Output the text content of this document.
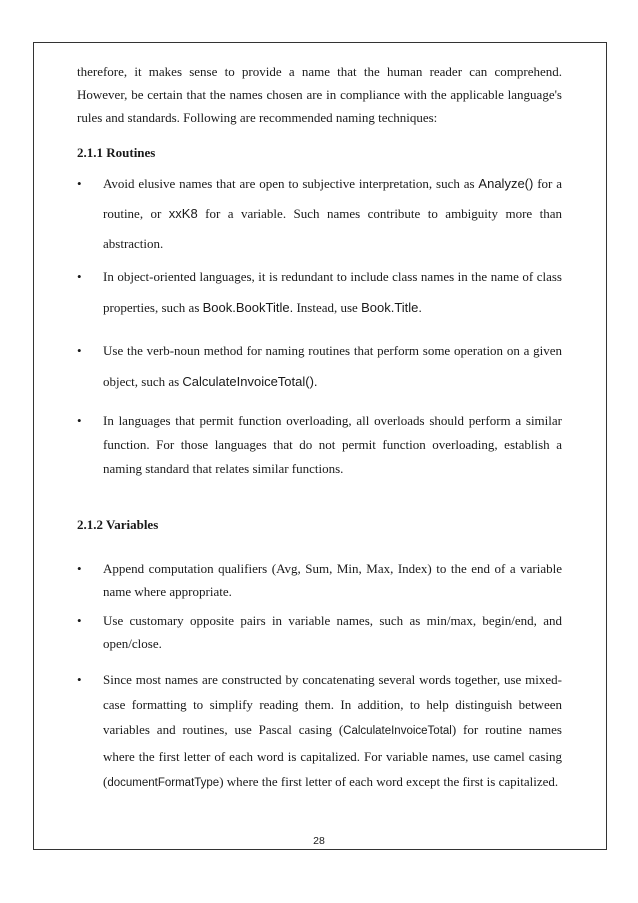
therefore, it makes sense to provide a name that the human reader can comprehend. However, be certain that the names chosen are in compliance with the applicable language's rules and standards. Following are recommended naming techniques:

2.1.1 Routines

• Avoid elusive names that are open to subjective interpretation, such as Analyze() for a routine, or xxK8 for a variable. Such names contribute to ambiguity more than abstraction.
• In object-oriented languages, it is redundant to include class names in the name of class properties, such as Book.BookTitle. Instead, use Book.Title.
• Use the verb-noun method for naming routines that perform some operation on a given object, such as CalculateInvoiceTotal().
• In languages that permit function overloading, all overloads should perform a similar function. For those languages that do not permit function overloading, establish a naming standard that relates similar functions.

2.1.2 Variables

• Append computation qualifiers (Avg, Sum, Min, Max, Index) to the end of a variable name where appropriate.
• Use customary opposite pairs in variable names, such as min/max, begin/end, and open/close.
• Since most names are constructed by concatenating several words together, use mixed-case formatting to simplify reading them. In addition, to help distinguish between variables and routines, use Pascal casing (CalculateInvoiceTotal) for routine names where the first letter of each word is capitalized. For variable names, use camel casing (documentFormatType) where the first letter of each word except the first is capitalized.
28
